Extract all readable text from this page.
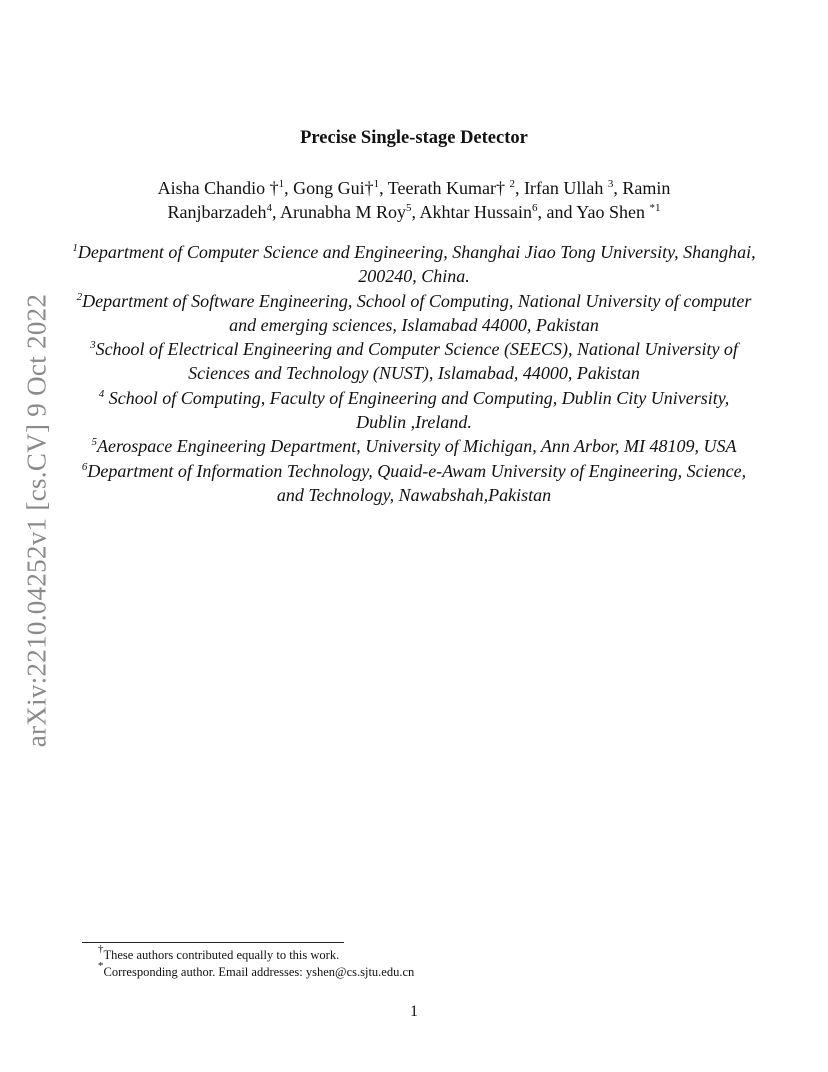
arXiv:2210.04252v1 [cs.CV] 9 Oct 2022
Precise Single-stage Detector
Aisha Chandio †$^1$, Gong Gui†$^1$, Teerath Kumar† $^2$, Irfan Ullah $^3$, Ramin
Ranjbarzadeh$^4$, Arunabha M Roy$^5$, Akhtar Hussain$^6$, and Yao Shen $^{*1}$
$^1$Department of Computer Science and Engineering, Shanghai Jiao Tong University, Shanghai, 200240, China.
$^2$Department of Software Engineering, School of Computing, National University of computer and emerging sciences, Islamabad 44000, Pakistan
$^3$School of Electrical Engineering and Computer Science (SEECS), National University of Sciences and Technology (NUST), Islamabad, 44000, Pakistan
$^4$ School of Computing, Faculty of Engineering and Computing, Dublin City University, Dublin ,Ireland.
$^5$Aerospace Engineering Department, University of Michigan, Ann Arbor, MI 48109, USA
$^6$Department of Information Technology, Quaid-e-Awam University of Engineering, Science, and Technology, Nawabshah,Pakistan
†These authors contributed equally to this work.
*Corresponding author. Email addresses: yshen@cs.sjtu.edu.cn
1
